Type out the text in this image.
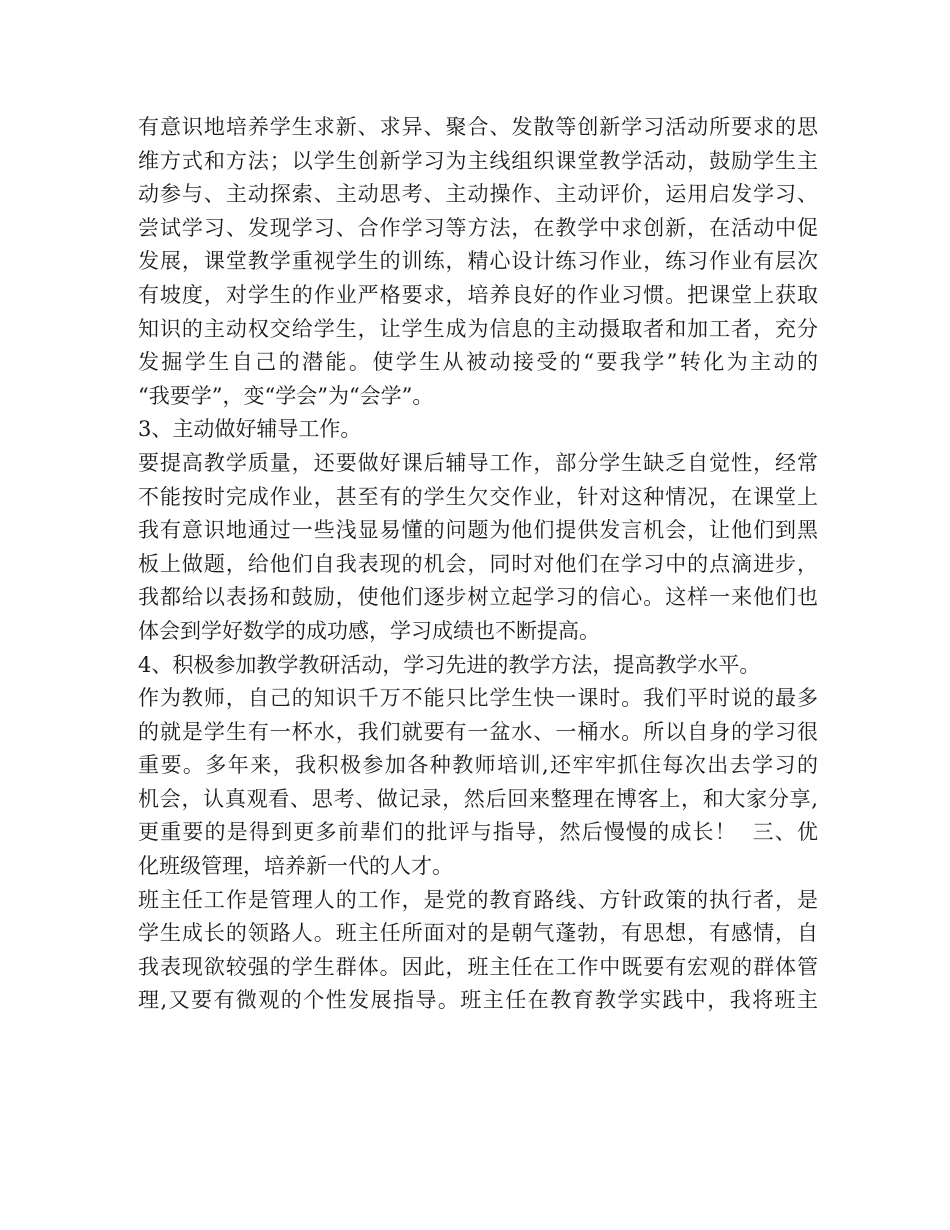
有意识地培养学生求新、求异、聚合、发散等创新学习活动所要求的思
维方式和方法；以学生创新学习为主线组织课堂教学活动，鼓励学生主
动参与、主动探索、主动思考、主动操作、主动评价，运用启发学习、
尝试学习、发现学习、合作学习等方法，在教学中求创新，在活动中促
发展，课堂教学重视学生的训练，精心设计练习作业，练习作业有层次
有坡度，对学生的作业严格要求，培养良好的作业习惯。把课堂上获取
知识的主动权交给学生，让学生成为信息的主动摄取者和加工者，充分
发掘学生自己的潜能。使学生从被动接受的“要我学”转化为主动的
“我要学”，变“学会”为“会学”。
3、主动做好辅导工作。
要提高教学质量，还要做好课后辅导工作，部分学生缺乏自觉性，经常
不能按时完成作业，甚至有的学生欠交作业，针对这种情况，在课堂上
我有意识地通过一些浅显易懂的问题为他们提供发言机会，让他们到黑
板上做题，给他们自我表现的机会，同时对他们在学习中的点滴进步，
我都给以表扬和鼓励，使他们逐步树立起学习的信心。这样一来他们也
体会到学好数学的成功感，学习成绩也不断提高。
4、积极参加教学教研活动，学习先进的教学方法，提高教学水平。
作为教师，自己的知识千万不能只比学生快一课时。我们平时说的最多
的就是学生有一杯水，我们就要有一盆水、一桶水。所以自身的学习很
重要。多年来，我积极参加各种教师培训,还牢牢抓住每次出去学习的
机会，认真观看、思考、做记录，然后回来整理在博客上，和大家分享,
更重要的是得到更多前辈们的批评与指导，然后慢慢的成长！  三、优
化班级管理，培养新一代的人才。
班主任工作是管理人的工作，是党的教育路线、方针政策的执行者，是
学生成长的领路人。班主任所面对的是朝气蓬勃，有思想，有感情，自
我表现欲较强的学生群体。因此，班主任在工作中既要有宏观的群体管
理,又要有微观的个性发展指导。班主任在教育教学实践中，我将班主
